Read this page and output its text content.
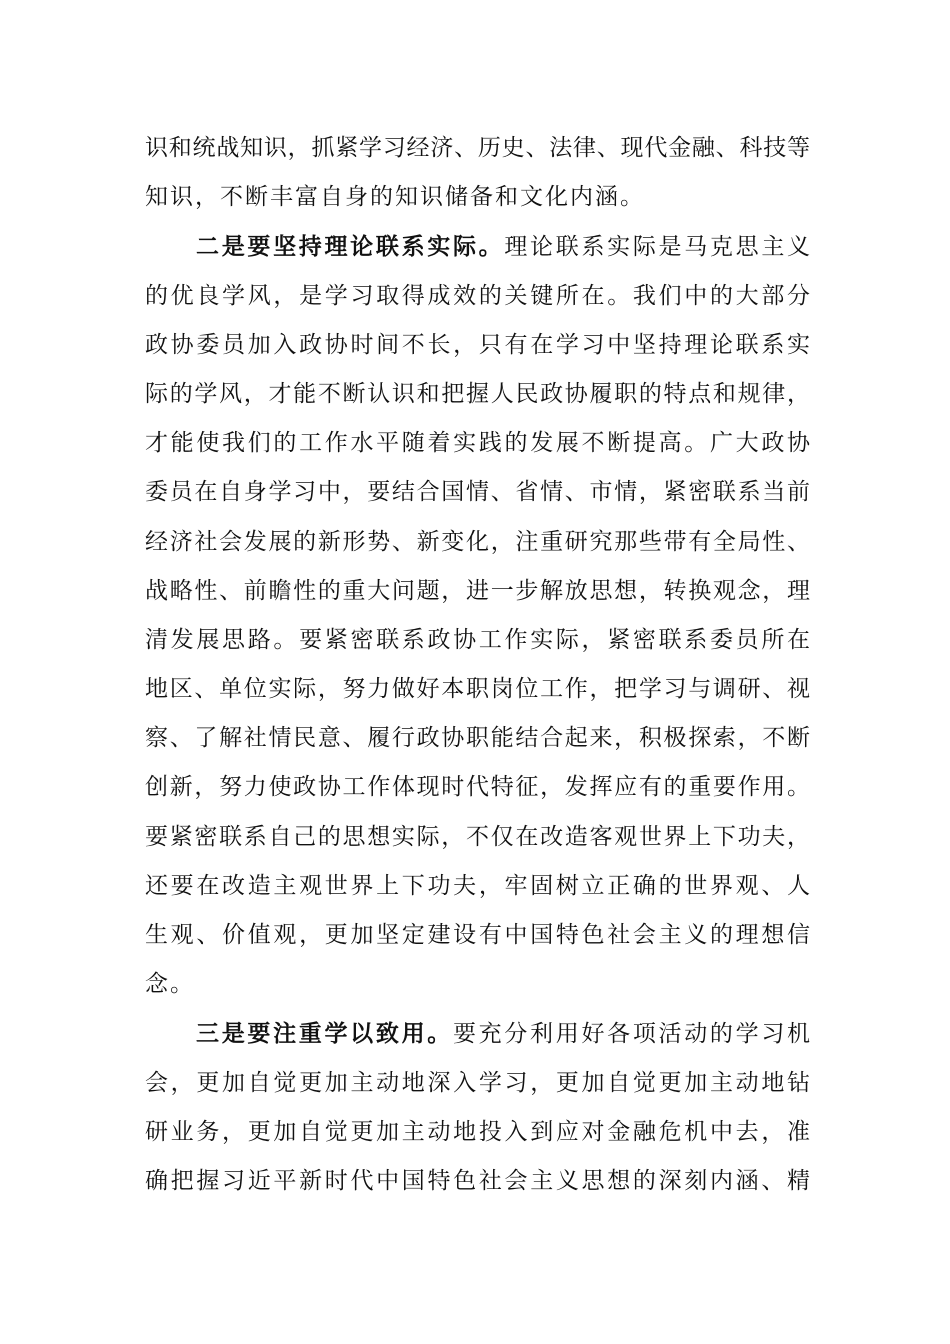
识和统战知识，抓紧学习经济、历史、法律、现代金融、科技等
知识，不断丰富自身的知识储备和文化内涵。
二是要坚持理论联系实际。理论联系实际是马克思主义
的优良学风，是学习取得成效的关键所在。我们中的大部分
政协委员加入政协时间不长，只有在学习中坚持理论联系实
际的学风，才能不断认识和把握人民政协履职的特点和规律，
才能使我们的工作水平随着实践的发展不断提高。广大政协
委员在自身学习中，要结合国情、省情、市情，紧密联系当前
经济社会发展的新形势、新变化，注重研究那些带有全局性、
战略性、前瞻性的重大问题，进一步解放思想，转换观念，理
清发展思路。要紧密联系政协工作实际，紧密联系委员所在
地区、单位实际，努力做好本职岗位工作，把学习与调研、视
察、了解社情民意、履行政协职能结合起来，积极探索，不断
创新，努力使政协工作体现时代特征，发挥应有的重要作用。
要紧密联系自己的思想实际，不仅在改造客观世界上下功夫，
还要在改造主观世界上下功夫，牢固树立正确的世界观、人
生观、价值观，更加坚定建设有中国特色社会主义的理想信
念。
三是要注重学以致用。要充分利用好各项活动的学习机
会，更加自觉更加主动地深入学习，更加自觉更加主动地钻
研业务，更加自觉更加主动地投入到应对金融危机中去，准
确把握习近平新时代中国特色社会主义思想的深刻内涵、精
